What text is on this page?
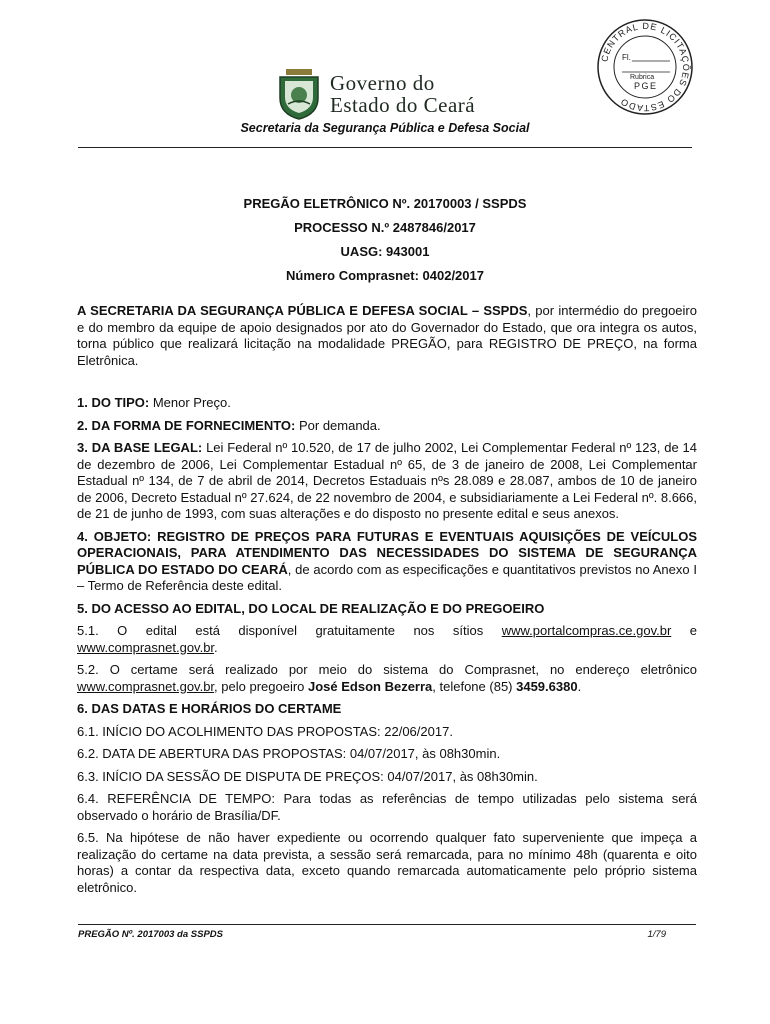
Governo do
Estado do Ceará
CENTRAL DE LICITAÇÕES DO ESTADO
Fl.
Rubrica
PGE
Secretaria da Segurança Pública e Defesa Social
PREGÃO ELETRÔNICO Nº. 20170003 / SSPDS
PROCESSO N.º 2487846/2017
UASG: 943001
Número Comprasnet: 0402/2017

A SECRETARIA DA SEGURANÇA PÚBLICA E DEFESA SOCIAL – SSPDS, por intermédio do pregoeiro e do membro da equipe de apoio designados por ato do Governador do Estado, que ora integra os autos, torna público que realizará licitação na modalidade PREGÃO, para REGISTRO DE PREÇO, na forma Eletrônica.

1. DO TIPO: Menor Preço.

2. DA FORMA DE FORNECIMENTO: Por demanda.

3. DA BASE LEGAL: Lei Federal nº 10.520, de 17 de julho 2002, Lei Complementar Federal nº 123, de 14 de dezembro de 2006, Lei Complementar Estadual nº 65, de 3 de janeiro de 2008, Lei Complementar Estadual nº 134, de 7 de abril de 2014, Decretos Estaduais nºs 28.089 e 28.087, ambos de 10 de janeiro de 2006, Decreto Estadual nº 27.624, de 22 novembro de 2004, e subsidiariamente a Lei Federal nº. 8.666, de 21 de junho de 1993, com suas alterações e do disposto no presente edital e seus anexos.

4. OBJETO: REGISTRO DE PREÇOS PARA FUTURAS E EVENTUAIS AQUISIÇÕES DE VEÍCULOS OPERACIONAIS, PARA ATENDIMENTO DAS NECESSIDADES DO SISTEMA DE SEGURANÇA PÚBLICA DO ESTADO DO CEARÁ, de acordo com as especificações e quantitativos previstos no Anexo I – Termo de Referência deste edital.

5. DO ACESSO AO EDITAL, DO LOCAL DE REALIZAÇÃO E DO PREGOEIRO

5.1. O edital está disponível gratuitamente nos sítios www.portalcompras.ce.gov.br e www.comprasnet.gov.br.

5.2. O certame será realizado por meio do sistema do Comprasnet, no endereço eletrônico www.comprasnet.gov.br, pelo pregoeiro José Edson Bezerra, telefone (85) 3459.6380.

6. DAS DATAS E HORÁRIOS DO CERTAME

6.1. INÍCIO DO ACOLHIMENTO DAS PROPOSTAS: 22/06/2017.

6.2. DATA DE ABERTURA DAS PROPOSTAS: 04/07/2017, às 08h30min.

6.3. INÍCIO DA SESSÃO DE DISPUTA DE PREÇOS: 04/07/2017, às 08h30min.

6.4. REFERÊNCIA DE TEMPO: Para todas as referências de tempo utilizadas pelo sistema será observado o horário de Brasília/DF.

6.5. Na hipótese de não haver expediente ou ocorrendo qualquer fato superveniente que impeça a realização do certame na data prevista, a sessão será remarcada, para no mínimo 48h (quarenta e oito horas) a contar da respectiva data, exceto quando remarcada automaticamente pelo próprio sistema eletrônico.

PREGÃO Nº. 2017003 da SSPDS	1/79
